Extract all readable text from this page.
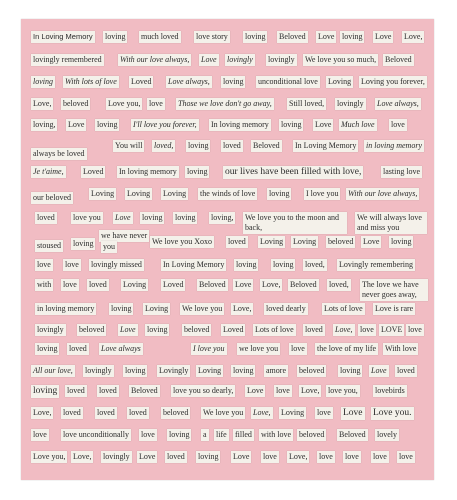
In Loving Memory loving much loved love story loving Beloved Love loving Love Love,
lovingly remembered With our love always, Love lovingly lovingly We love you so much, Beloved
loving With lots of love Loved Love always, loving unconditional love Loving Loving you forever,
Love, beloved Love you, love Those we love don't go away, Still loved, lovingly Love always,
loving, Love loving I'll love you forever, In loving memory loving Love Much love love
always be loved
You will loved, loving loved Beloved In Loving Memory in loving memory
Je t'aime, Loved In loving memory loving our lives have been filled with love,	lasting love
our beloved	Loving Loving Loving the winds of love loving I love you With our love always,
loved love you Love loving loving loving, We love you to the moon and back,
We will always love and miss you
stoused loving
we have never
you
We love you Xoxo loved Loving Loving beloved Love loving
love love lovingly missed	In Loving Memory loving loving loved, Lovingly remembering
with love loved Loving Loved Beloved Love Love, Beloved loved, The love we have never goes away,
in loving memory loving Loving We love you Love, loved dearly Lots of love Love is rare
lovingly beloved Love loving beloved Loved Lots of love loved Love, love LOVE love
loving loved Love always	I love you we love you love the love of my life With love
All our love, lovingly loving Lovingly Loving loving amore beloved loving Love loved
loving loved loved Beloved love you so dearly, Love love Love, love you, lovebirds
Love, loved loved loved beloved We love you Love, Loving love Love Love you.
love love unconditionally love loving a life filled with love beloved Beloved lovely
Love you, Love, lovingly Love loved loving Love love Love, love love love love
